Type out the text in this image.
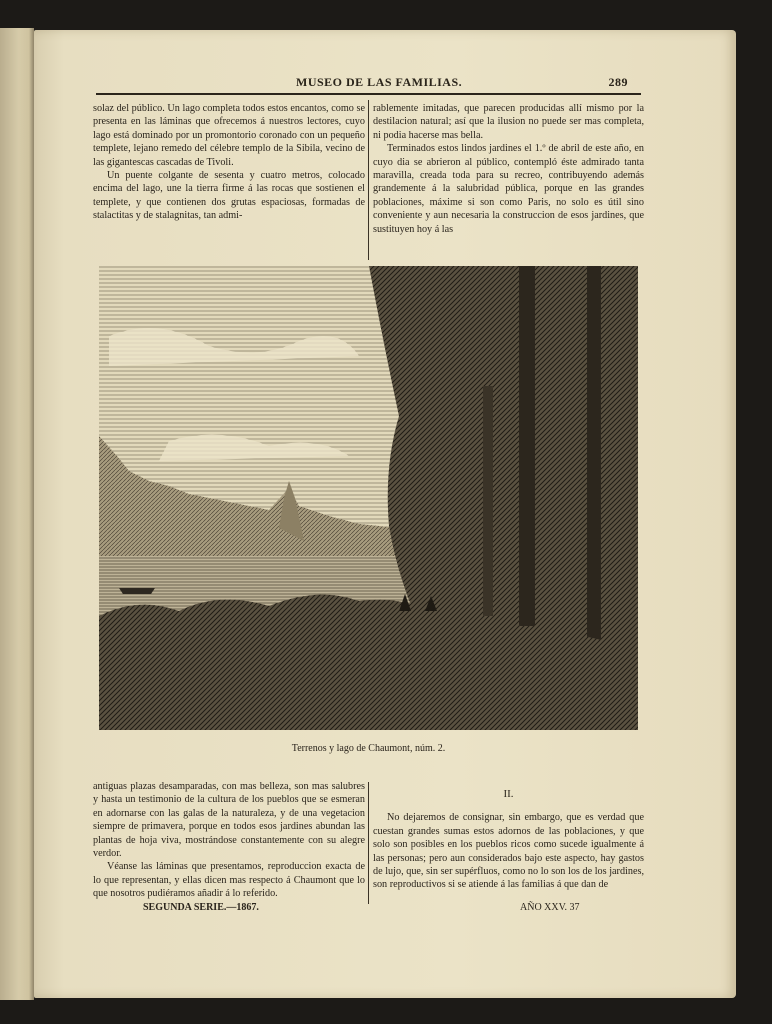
MUSEO DE LAS FAMILIAS.	289

solaz del público. Un lago completa todos estos encantos, como se presenta en las láminas que ofrecemos á nuestros lectores, cuyo lago está dominado por un promontorio coronado con un pequeño templete, lejano remedo del célebre templo de la Sibila, vecino de las gigantescas cascadas de Tivoli.

Un puente colgante de sesenta y cuatro metros, colocado encima del lago, une la tierra firme á las rocas que sostienen el templete, y que contienen dos grutas espaciosas, formadas de stalactitas y de stalagnitas, tan admi-

rablemente imitadas, que parecen producidas allí mismo por la destilacion natural; así que la ilusion no puede ser mas completa, ni podia hacerse mas bella.

Terminados estos lindos jardines el 1.º de abril de este año, en cuyo dia se abrieron al público, contempló éste admirado tanta maravilla, creada toda para su recreo, contribuyendo además grandemente á la salubridad pública, porque en las grandes poblaciones, máxime si son como Paris, no solo es útil sino conveniente y aun necesaria la construccion de esos jardines, que sustituyen hoy á las

Terrenos y lago de Chaumont, núm. 2.

antiguas plazas desamparadas, con mas belleza, son mas salubres y hasta un testimonio de la cultura de los pueblos que se esmeran en adornarse con las galas de la naturaleza, y de una vegetacion siempre de primavera, porque en todos esos jardines abundan las plantas de hoja viva, mostrándose constantemente con su alegre verdor.

Véanse las láminas que presentamos, reproduccion exacta de lo que representan, y ellas dicen mas respecto á Chaumont que lo que nosotros pudiéramos añadir á lo referido.

II.

No dejaremos de consignar, sin embargo, que es verdad que cuestan grandes sumas estos adornos de las poblaciones, y que solo son posibles en los pueblos ricos como sucede igualmente á las personas; pero aun considerados bajo este aspecto, hay gastos de lujo, que, sin ser supérfluos, como no lo son los de los jardines, son reproductivos si se atiende á las familias á que dan de

SEGUNDA SERIE.—1867.	AÑO XXV. 37
